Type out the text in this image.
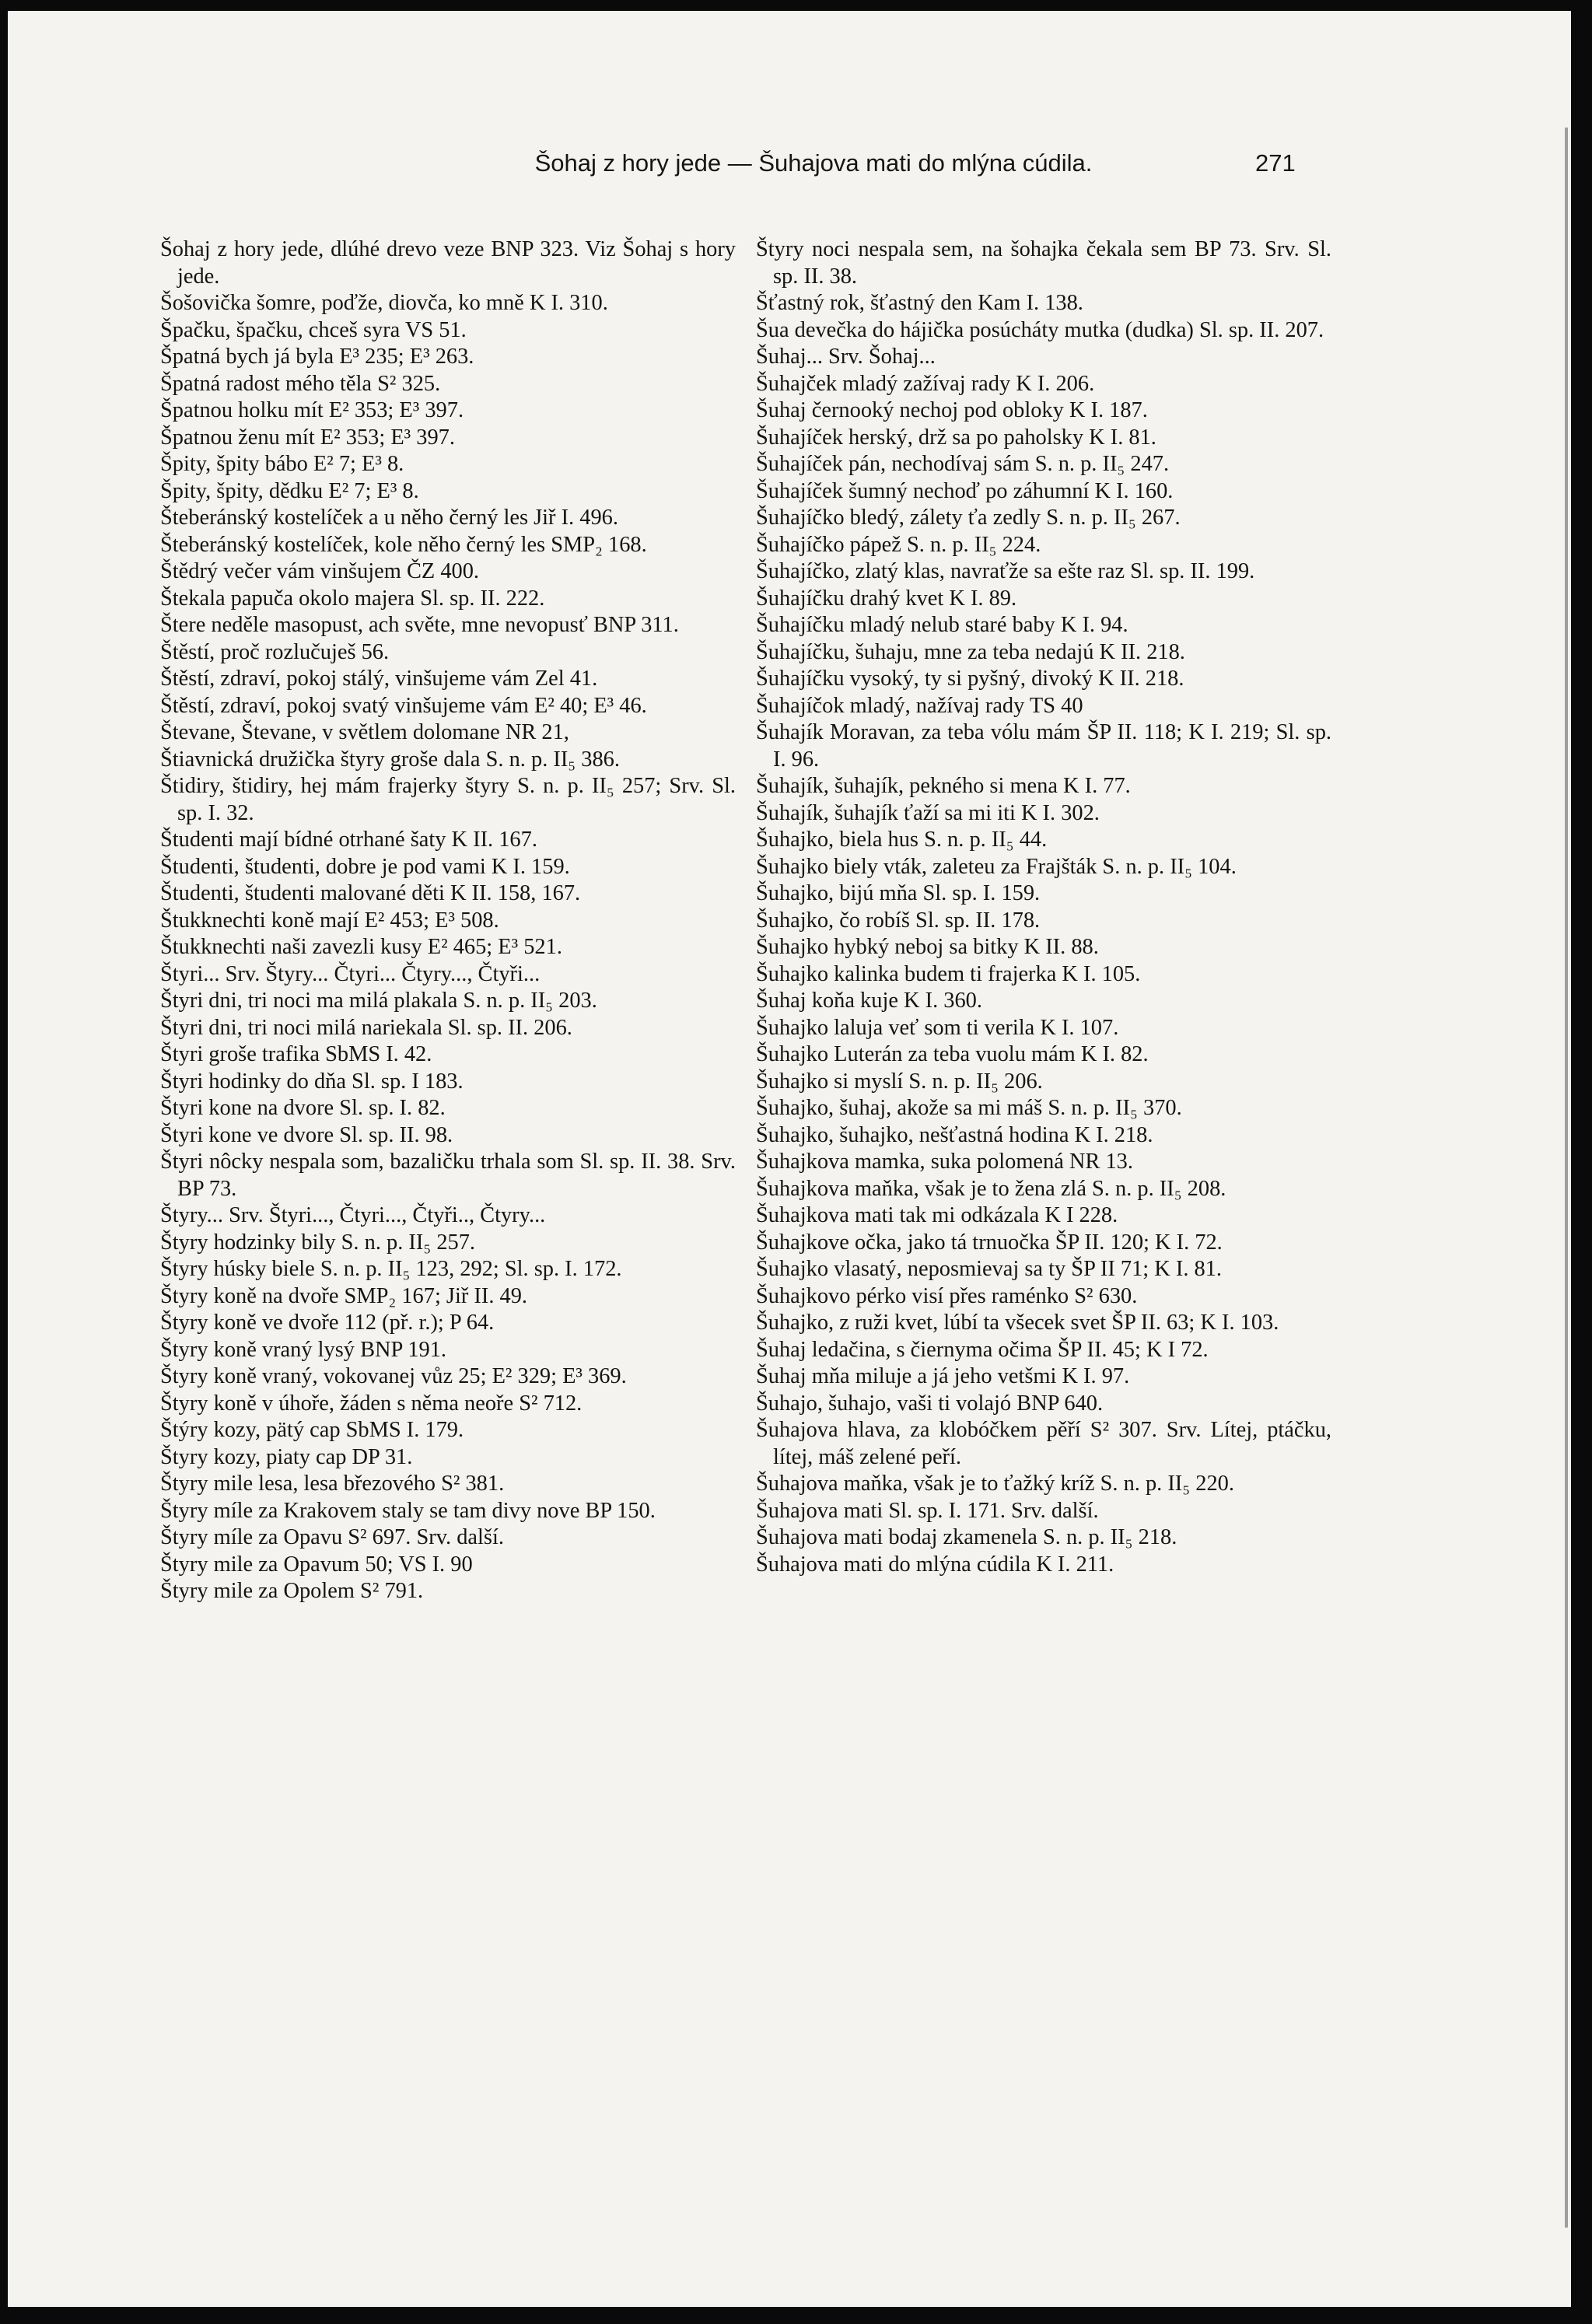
Šohaj z hory jede — Šuhajova mati do mlýna cúdila.	271
Šohaj z hory jede, dlúhé drevo veze BNP 323. Viz Šohaj s hory jede.
Šošovička šomre, poďže, diovča, ko mně K I. 310.
Špačku, špačku, chceš syra VS 51.
Špatná bych já byla E³ 235; E³ 263.
Špatná radost mého těla S² 325.
Špatnou holku mít E² 353; E³ 397.
Špatnou ženu mít E² 353; E³ 397.
Špity, špity bábo E² 7; E³ 8.
Špity, špity, dědku E² 7; E³ 8.
Šteberánský kostelíček a u něho černý les Jiř I. 496.
Šteberánský kostelíček, kole něho černý les SMP₂ 168.
Štědrý večer vám vinšujem ČZ 400.
Štekala papuča okolo majera Sl. sp. II. 222.
Štere neděle masopust, ach světe, mne nevopusť BNP 311.
Štěstí, proč rozlučuješ 56.
Štěstí, zdraví, pokoj stálý, vinšujeme vám Zel 41.
Štěstí, zdraví, pokoj svatý vinšujeme vám E² 40; E³ 46.
Števane, Števane, v světlem dolomane NR 21,
Štiavnická družička štyry groše dala S. n. p. II₅ 386.
Štidiry, štidiry, hej mám frajerky štyry S. n. p. II₅ 257; Srv. Sl. sp. I. 32.
Študenti mají bídné otrhané šaty K II. 167.
Študenti, študenti, dobre je pod vami K I. 159.
Študenti, študenti malované děti K II. 158, 167.
Štukknechti koně mají E² 453; E³ 508.
Štukknechti naši zavezli kusy E² 465; E³ 521.
Štyri... Srv. Štyry... Čtyri... Čtyry..., Čtyři...
Štyri dni, tri noci ma milá plakala S. n. p. II₅ 203.
Štyri dni, tri noci milá nariekala Sl. sp. II. 206.
Štyri groše trafika SbMS I. 42.
Štyri hodinky do dňa Sl. sp. I 183.
Štyri kone na dvore Sl. sp. I. 82.
Štyri kone ve dvore Sl. sp. II. 98.
Štyri nôcky nespala som, bazaličku trhala som Sl. sp. II. 38. Srv. BP 73.
Štyry... Srv. Štyri..., Čtyri..., Čtyři.., Čtyry...
Štyry hodzinky bily S. n. p. II₅ 257.
Štyry húsky biele S. n. p. II₅ 123, 292; Sl. sp. I. 172.
Štyry koně na dvoře SMP₂ 167; Jiř II. 49.
Štyry koně ve dvoře 112 (př. r.); P 64.
Štyry koně vraný lysý BNP 191.
Štyry koně vraný, vokovanej vůz 25; E² 329; E³ 369.
Štyry koně v úhoře, žáden s něma neoře S² 712.
Štýry kozy, pätý cap SbMS I. 179.
Štyry kozy, piaty cap DP 31.
Štyry mile lesa, lesa březového S² 381.
Štyry míle za Krakovem staly se tam divy nove BP 150.
Štyry míle za Opavu S² 697. Srv. další.
Štyry mile za Opavum 50; VS I. 90
Štyry mile za Opolem S² 791.
Štyry noci nespala sem, na šohajka čekala sem BP 73. Srv. Sl. sp. II. 38.
Šťastný rok, šťastný den Kam I. 138.
Šua devečka do hájička posúcháty mutka (dudka) Sl. sp. II. 207.
Šuhaj... Srv. Šohaj...
Šuhajček mladý zažívaj rady K I. 206.
Šuhaj černooký nechoj pod obloky K I. 187.
Šuhajíček herský, drž sa po paholsky K I. 81.
Šuhajíček pán, nechodívaj sám S. n. p. II₅ 247.
Šuhajíček šumný nechoď po záhumní K I. 160.
Šuhajíčko bledý, zálety ťa zedly S. n. p. II₅ 267.
Šuhajíčko pápež S. n. p. II₅ 224.
Šuhajíčko, zlatý klas, navraťže sa ešte raz Sl. sp. II. 199.
Šuhajíčku drahý kvet K I. 89.
Šuhajíčku mladý nelub staré baby K I. 94.
Šuhajíčku, šuhaju, mne za teba nedajú K II. 218.
Šuhajíčku vysoký, ty si pyšný, divoký K II. 218.
Šuhajíčok mladý, nažívaj rady TS 40
Šuhajík Moravan, za teba vólu mám ŠP II. 118; K I. 219; Sl. sp. I. 96.
Šuhajík, šuhajík, pekného si mena K I. 77.
Šuhajík, šuhajík ťaží sa mi iti K I. 302.
Šuhajko, biela hus S. n. p. II₅ 44.
Šuhajko biely vták, zaleteu za Frajšták S. n. p. II₅ 104.
Šuhajko, bijú mňa Sl. sp. I. 159.
Šuhajko, čo robíš Sl. sp. II. 178.
Šuhajko hybký neboj sa bitky K II. 88.
Šuhajko kalinka budem ti frajerka K I. 105.
Šuhaj koňa kuje K I. 360.
Šuhajko laluja veť som ti verila K I. 107.
Šuhajko Luterán za teba vuolu mám K I. 82.
Šuhajko si myslí S. n. p. II₅ 206.
Šuhajko, šuhaj, akože sa mi máš S. n. p. II₅ 370.
Šuhajko, šuhajko, nešťastná hodina K I. 218.
Šuhajkova mamka, suka polomená NR 13.
Šuhajkova maňka, však je to žena zlá S. n. p. II₅ 208.
Šuhajkova mati tak mi odkázala K I 228.
Šuhajkove očka, jako tá trnuočka ŠP II. 120; K I. 72.
Šuhajko vlasatý, neposmievaj sa ty ŠP II 71; K I. 81.
Šuhajkovo pérko visí přes raménko S² 630.
Šuhajko, z ruži kvet, lúbí ta všecek svet ŠP II. 63; K I. 103.
Šuhaj ledačina, s čiernyma očima ŠP II. 45; K I 72.
Šuhaj mňa miluje a já jeho vetšmi K I. 97.
Šuhajo, šuhajo, vaši ti volajó BNP 640.
Šuhajova hlava, za klobóčkem pěří S² 307. Srv. Lítej, ptáčku, lítej, máš zelené peří.
Šuhajova maňka, však je to ťažký kríž S. n. p. II₅ 220.
Šuhajova mati Sl. sp. I. 171. Srv. další.
Šuhajova mati bodaj zkamenela S. n. p. II₅ 218.
Šuhajova mati do mlýna cúdila K I. 211.
